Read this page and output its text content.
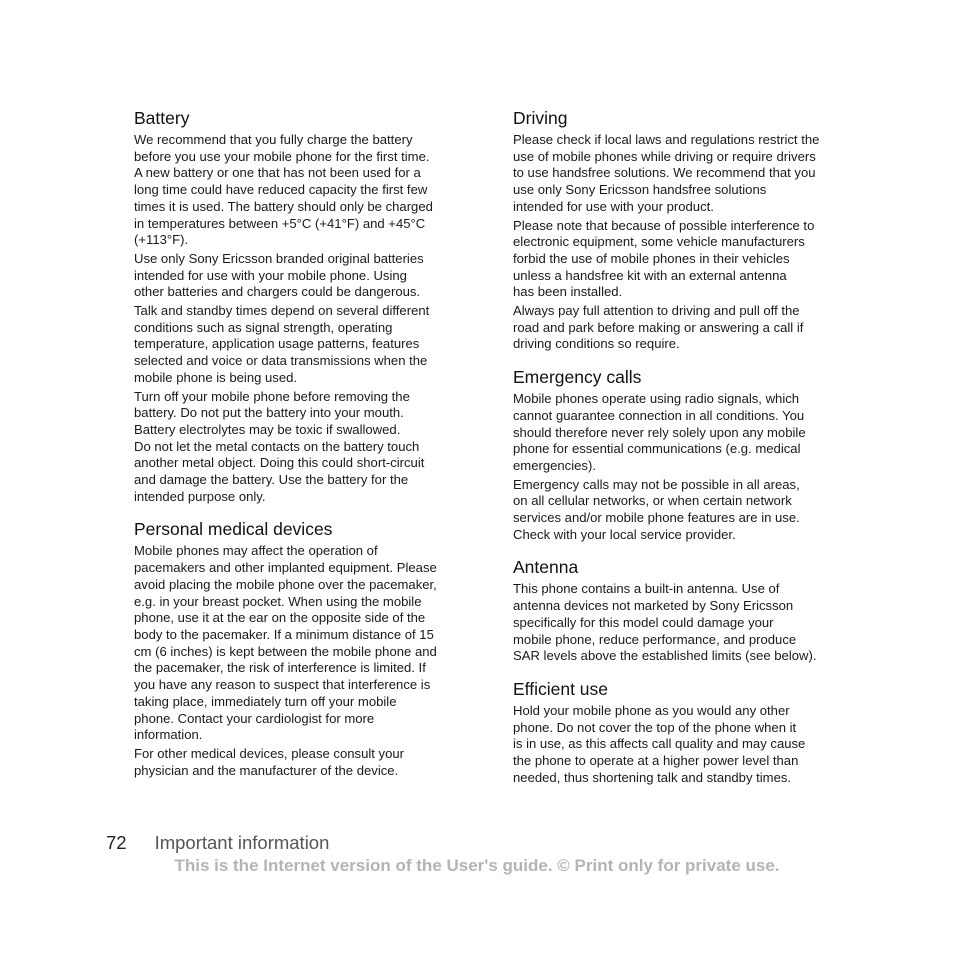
Battery

We recommend that you fully charge the battery
before you use your mobile phone for the first time.
A new battery or one that has not been used for a
long time could have reduced capacity the first few
times it is used. The battery should only be charged
in temperatures between +5°C (+41°F) and +45°C
(+113°F).

Use only Sony Ericsson branded original batteries
intended for use with your mobile phone. Using
other batteries and chargers could be dangerous.

Talk and standby times depend on several different
conditions such as signal strength, operating
temperature, application usage patterns, features
selected and voice or data transmissions when the
mobile phone is being used.

Turn off your mobile phone before removing the
battery. Do not put the battery into your mouth.
Battery electrolytes may be toxic if swallowed.
Do not let the metal contacts on the battery touch
another metal object. Doing this could short-circuit
and damage the battery. Use the battery for the
intended purpose only.

Personal medical devices

Mobile phones may affect the operation of
pacemakers and other implanted equipment. Please
avoid placing the mobile phone over the pacemaker,
e.g. in your breast pocket. When using the mobile
phone, use it at the ear on the opposite side of the
body to the pacemaker. If a minimum distance of 15
cm (6 inches) is kept between the mobile phone and
the pacemaker, the risk of interference is limited. If
you have any reason to suspect that interference is
taking place, immediately turn off your mobile
phone. Contact your cardiologist for more
information.

For other medical devices, please consult your
physician and the manufacturer of the device.

Driving

Please check if local laws and regulations restrict the
use of mobile phones while driving or require drivers
to use handsfree solutions. We recommend that you
use only Sony Ericsson handsfree solutions
intended for use with your product.

Please note that because of possible interference to
electronic equipment, some vehicle manufacturers
forbid the use of mobile phones in their vehicles
unless a handsfree kit with an external antenna
has been installed.

Always pay full attention to driving and pull off the
road and park before making or answering a call if
driving conditions so require.

Emergency calls

Mobile phones operate using radio signals, which
cannot guarantee connection in all conditions. You
should therefore never rely solely upon any mobile
phone for essential communications (e.g. medical
emergencies).

Emergency calls may not be possible in all areas,
on all cellular networks, or when certain network
services and/or mobile phone features are in use.
Check with your local service provider.

Antenna

This phone contains a built-in antenna. Use of
antenna devices not marketed by Sony Ericsson
specifically for this model could damage your
mobile phone, reduce performance, and produce
SAR levels above the established limits (see below).

Efficient use

Hold your mobile phone as you would any other
phone. Do not cover the top of the phone when it
is in use, as this affects call quality and may cause
the phone to operate at a higher power level than
needed, thus shortening talk and standby times.

72 Important information
This is the Internet version of the User's guide. © Print only for private use.
